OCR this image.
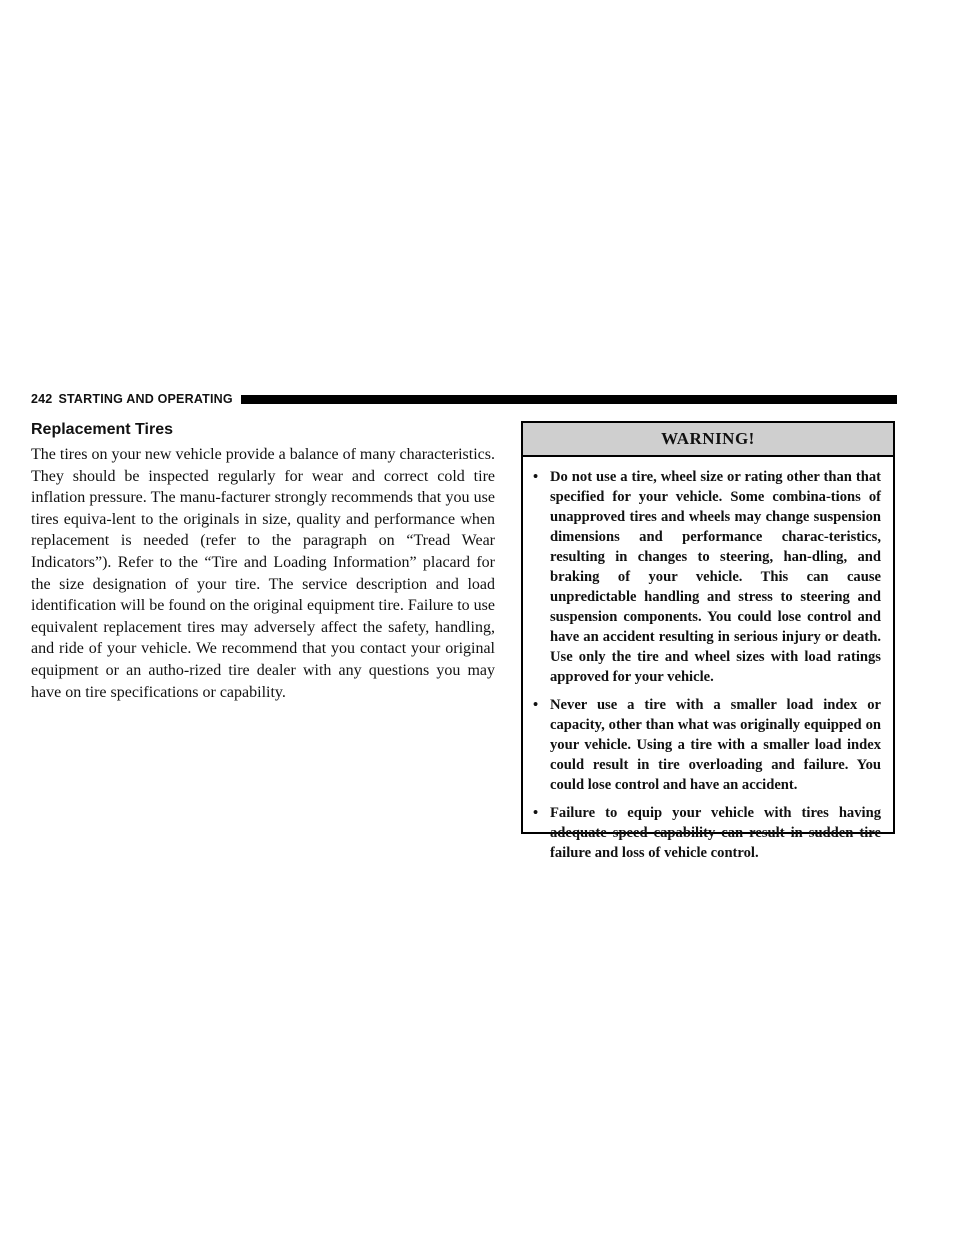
242 STARTING AND OPERATING
Replacement Tires

The tires on your new vehicle provide a balance of many characteristics. They should be inspected regularly for wear and correct cold tire inflation pressure. The manu-facturer strongly recommends that you use tires equiva-lent to the originals in size, quality and performance when replacement is needed (refer to the paragraph on “Tread Wear Indicators”). Refer to the “Tire and Loading Information” placard for the size designation of your tire. The service description and load identification will be found on the original equipment tire. Failure to use equivalent replacement tires may adversely affect the safety, handling, and ride of your vehicle. We recommend that you contact your original equipment or an autho-rized tire dealer with any questions you may have on tire specifications or capability.

WARNING!
• Do not use a tire, wheel size or rating other than that specified for your vehicle. Some combina-tions of unapproved tires and wheels may change suspension dimensions and performance charac-teristics, resulting in changes to steering, han-dling, and braking of your vehicle. This can cause unpredictable handling and stress to steering and suspension components. You could lose control and have an accident resulting in serious injury or death. Use only the tire and wheel sizes with load ratings approved for your vehicle.
• Never use a tire with a smaller load index or capacity, other than what was originally equipped on your vehicle. Using a tire with a smaller load index could result in tire overloading and failure. You could lose control and have an accident.
• Failure to equip your vehicle with tires having adequate speed capability can result in sudden tire failure and loss of vehicle control.
